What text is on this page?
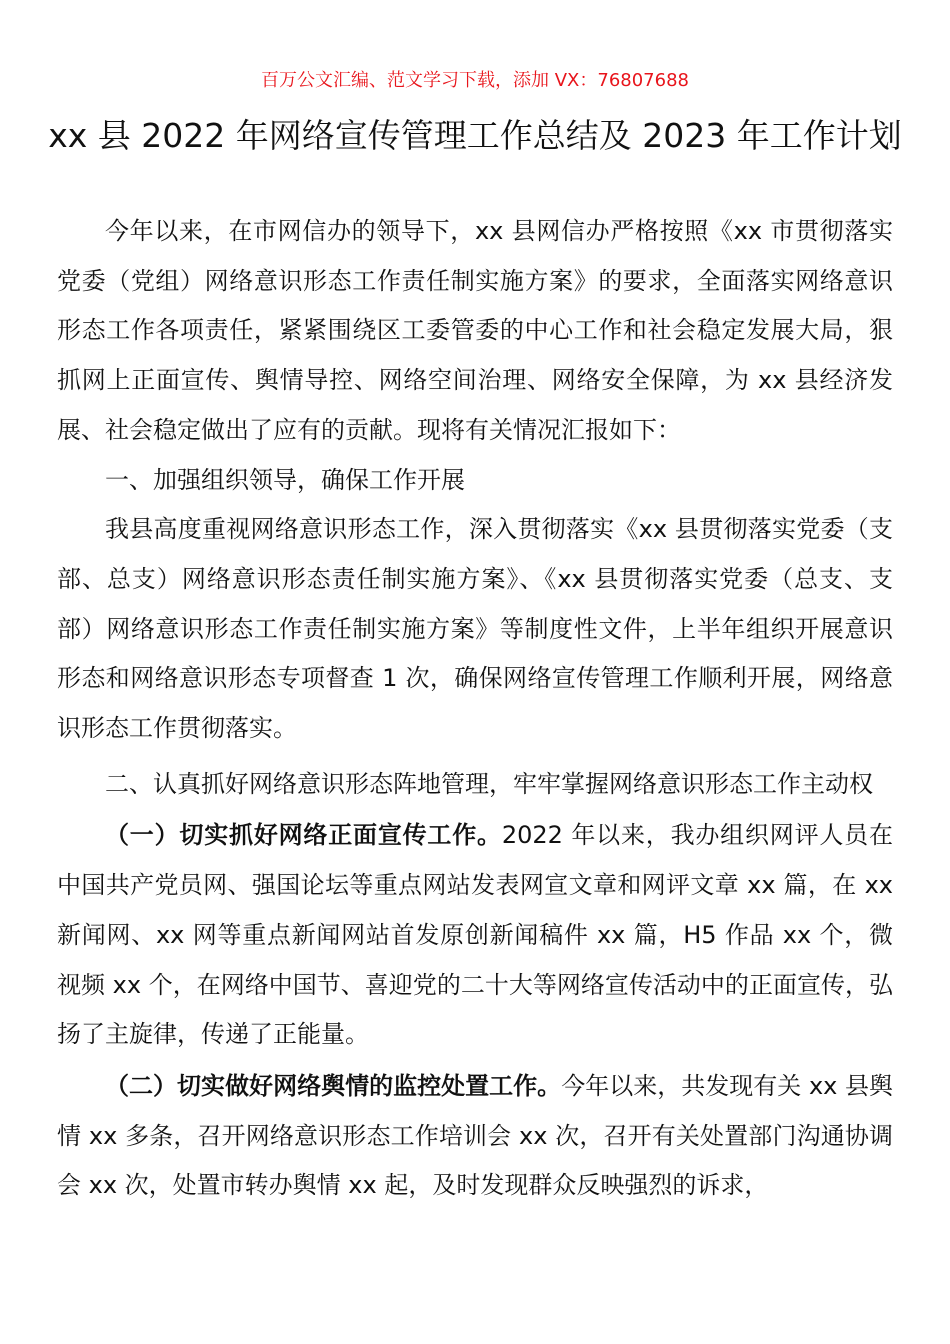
百万公文汇编、范文学习下载，添加 VX：76807688
xx 县 2022 年网络宣传管理工作总结及 2023 年工作计划

今年以来，在市网信办的领导下，xx 县网信办严格按照《xx 市贯彻落实党委（党组）网络意识形态工作责任制实施方案》的要求，全面落实网络意识形态工作各项责任，紧紧围绕区工委管委的中心工作和社会稳定发展大局，狠抓网上正面宣传、舆情导控、网络空间治理、网络安全保障，为 xx 县经济发展、社会稳定做出了应有的贡献。现将有关情况汇报如下：

一、加强组织领导，确保工作开展

我县高度重视网络意识形态工作，深入贯彻落实《xx 县贯彻落实党委（支部、总支）网络意识形态责任制实施方案》、《xx 县贯彻落实党委（总支、支部）网络意识形态工作责任制实施方案》等制度性文件，上半年组织开展意识形态和网络意识形态专项督查 1 次，确保网络宣传管理工作顺利开展，网络意识形态工作贯彻落实。

二、认真抓好网络意识形态阵地管理，牢牢掌握网络意识形态工作主动权

（一）切实抓好网络正面宣传工作。2022 年以来，我办组织网评人员在中国共产党员网、强国论坛等重点网站发表网宣文章和网评文章 xx 篇，在 xx 新闻网、xx 网等重点新闻网站首发原创新闻稿件 xx 篇，H5 作品 xx 个，微视频 xx 个，在网络中国节、喜迎党的二十大等网络宣传活动中的正面宣传，弘扬了主旋律，传递了正能量。

（二）切实做好网络舆情的监控处置工作。今年以来，共发现有关 xx 县舆情 xx 多条，召开网络意识形态工作培训会 xx 次，召开有关处置部门沟通协调会 xx 次，处置市转办舆情 xx 起，及时发现群众反映强烈的诉求，
